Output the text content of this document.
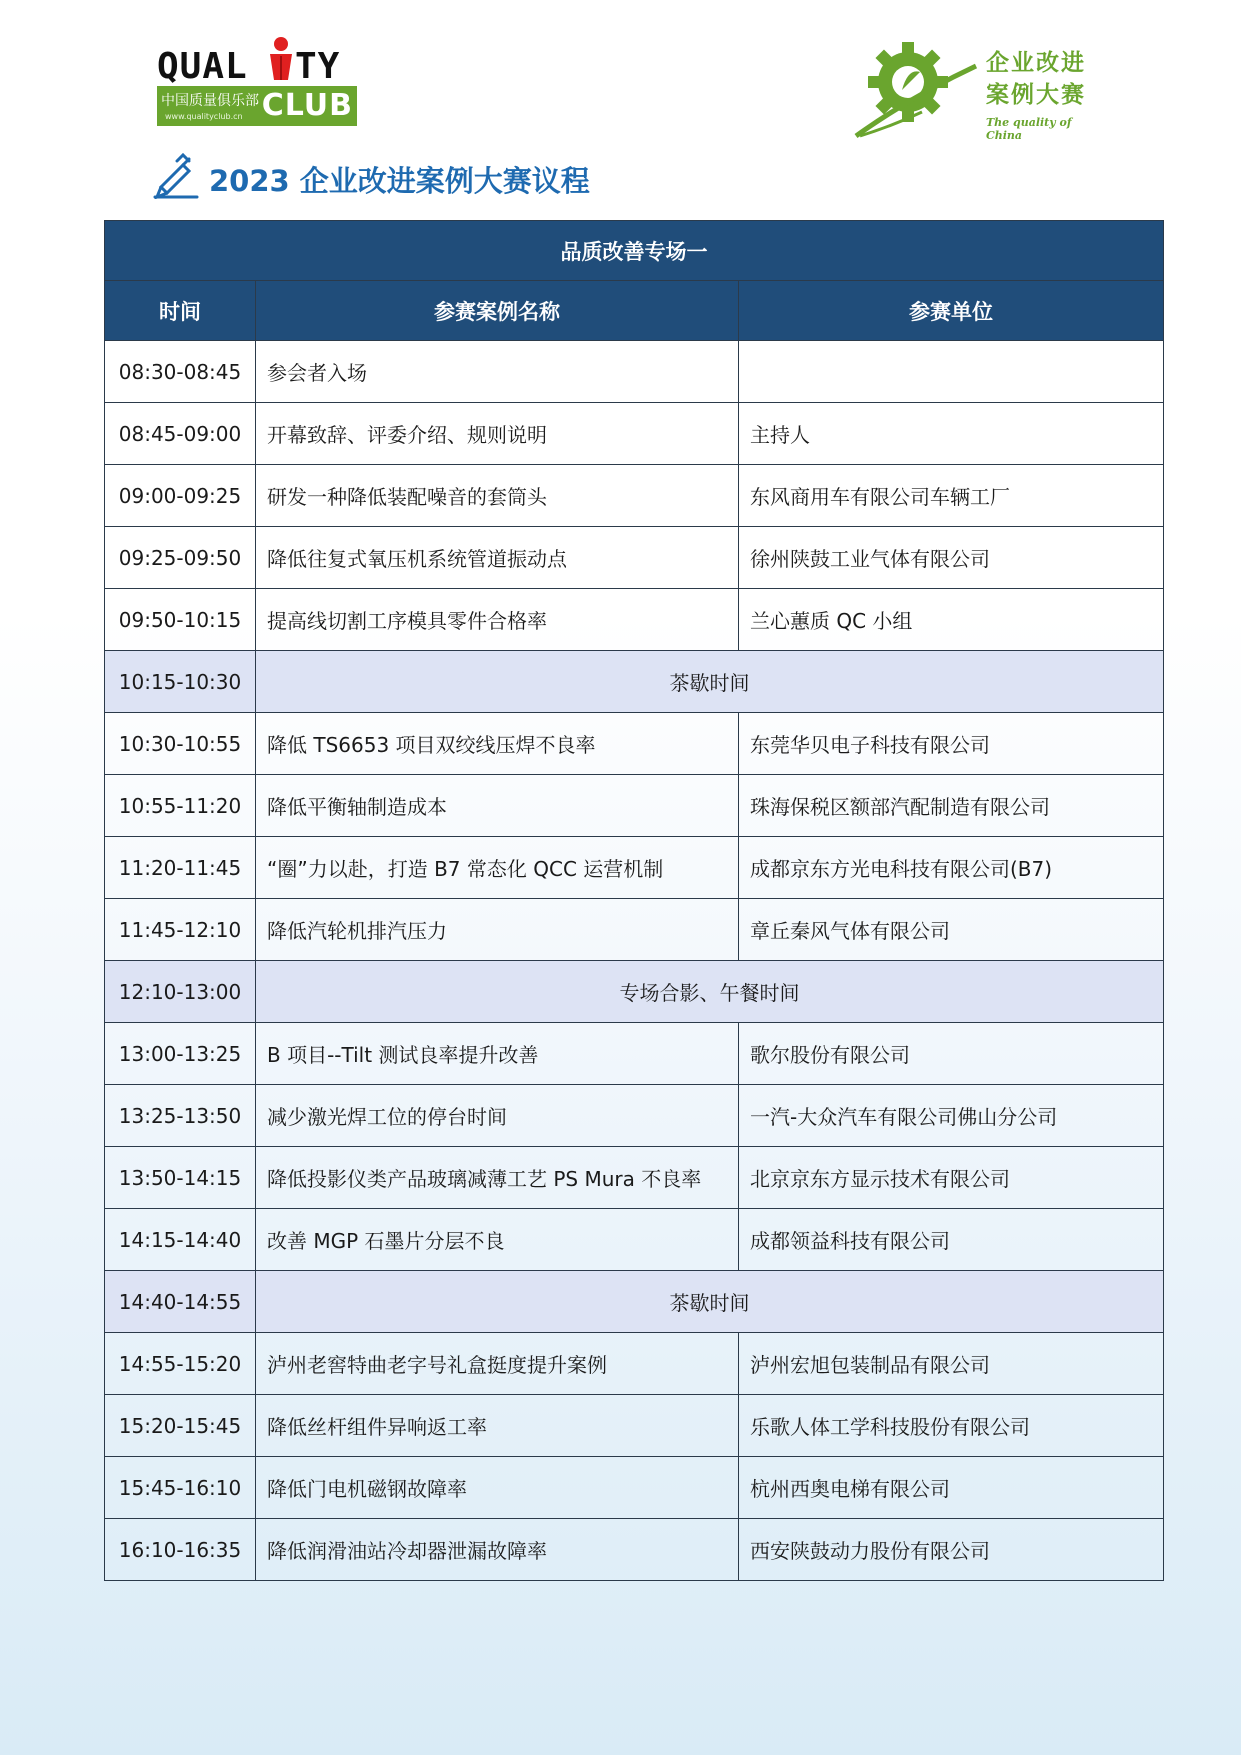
QUAL TY
中国质量俱乐部
www.qualityclub.cn CLUB
企业改进
案例大赛
The quality of China
2023 企业改进案例大赛议程
品质改善专场一		
时间	参赛案例名称	参赛单位
08:30-08:45	参会者入场	
08:45-09:00	开幕致辞、评委介绍、规则说明	主持人
09:00-09:25	研发一种降低装配噪音的套筒头	东风商用车有限公司车辆工厂
09:25-09:50	降低往复式氧压机系统管道振动点	徐州陕鼓工业气体有限公司
09:50-10:15	提高线切割工序模具零件合格率	兰心蕙质 QC 小组
10:15-10:30	茶歇时间	
10:30-10:55	降低 TS6653 项目双绞线压焊不良率	东莞华贝电子科技有限公司
10:55-11:20	降低平衡轴制造成本	珠海保税区额部汽配制造有限公司
11:20-11:45	“圈”力以赴，打造 B7 常态化 QCC 运营机制	成都京东方光电科技有限公司(B7)
11:45-12:10	降低汽轮机排汽压力	章丘秦风气体有限公司
12:10-13:00	专场合影、午餐时间	
13:00-13:25	B 项目--Tilt 测试良率提升改善	歌尔股份有限公司
13:25-13:50	减少激光焊工位的停台时间	一汽-大众汽车有限公司佛山分公司
13:50-14:15	降低投影仪类产品玻璃减薄工艺 PS Mura 不良率	北京京东方显示技术有限公司
14:15-14:40	改善 MGP 石墨片分层不良	成都领益科技有限公司
14:40-14:55	茶歇时间	
14:55-15:20	泸州老窖特曲老字号礼盒挺度提升案例	泸州宏旭包装制品有限公司
15:20-15:45	降低丝杆组件异响返工率	乐歌人体工学科技股份有限公司
15:45-16:10	降低门电机磁钢故障率	杭州西奥电梯有限公司
16:10-16:35	降低润滑油站冷却器泄漏故障率	西安陕鼓动力股份有限公司
